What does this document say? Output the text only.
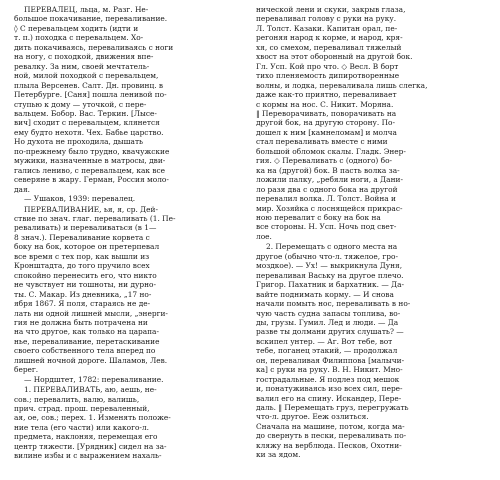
ПЕРЕВАЛЕЦ, льца, м. Разг. Не-
большое покачивание, переваливание.
◊ С перевальцем ходить (идти и
т. п.) походка с перевальцем. Хо-
дить покачиваясь, переваливаясь с ноги
на ногу, с походкой, движения впе-
ревалку. За ним, своей мечтатель-
ной, милой походкой с перевальцем,
плыла Версенев. Салт. Дн. провинц. в
Петербурге. [Саня] пошла ленивой по-
ступью к дому — уточкой, с пере-
вальцем. Бобор. Вас. Теркин. [Лысе-
вич] сходит с перевальцем, клянется
ему будто нехотя. Чех. Бабье царство.
Но духота не проходила, дышать
по-прежнему было трудно, квачужские
мужики, назначенные в матросы, дви-
гались лениво, с перевальцем, как все
северяне в жару. Герман, Россия моло-
дая.
— Ушаков, 1939: перевалец.
ПЕРЕВАЛИВАНИЕ, ья, я, ср. Дей-
ствие по знач. глаг. переваливать (1. Пе-
реваливать) и переваливаться (в 1—
8 знач.). Переваливание корвета с
боку на бок, которое он претерпевал
все время с тех пор, как вышли из
Кронштадта, до того пручило всех
спокойно перенесить его, что никто
не чувствует ни тошноты, ни дурно-
ты. С. Макар. Из дневника, „17 но-
ября 1867. Я поля, стараясь не де-
лать ни одной лишней мысли, „энерги-
гия не должна быть потрачена ни
на что другое, как только на царапа-
нье, переваливание, перетаскивание
своего собственного тела вперед по
лишней ночной дороге. Шаламов, Лев.
берег.
— Нордштет, 1782: переваливание.
1. ПЕРЕВАЛИВАТЬ, аю, аешь, не-
сов.; перевалить, валю, валишь,
прич. страд. прош. переваленный,
ая, ое, сов.; перех. 1. Изменять положе-
ние тела (его части) или какого-л.
предмета, наклоняя, перемещая его
центр тяжести. [Урядник] сидел на за-
вилине избы и с выражением нахаль-
нической лени и скуки, закрыв глаза,
переваливал голову с руки на руку.
Л. Толст. Казаки. Капитан орал, пе-
регоняя народ к корме, и народ, кря-
хя, со смехом, переваливал тяжелый
хвост на этот оборонный на другой бок.
Гл. Усп. Кой про что. ◇ Весл. В борт
тихо пленяемость дипиротворенные
волны, и лодка, переваливала лишь слегка,
даже как-то приятно, переваливает
с кормы на нос. С. Никит. Моряна.
‖ Переворачивать, поворачивать на
другой бок, на другую сторону. По-
дошел к ним [камнеломам] и молча
стал переваливать вместе с ними
большой обломок скалы. Гладк. Энер-
гия. ◇ Переваливать с (одного) бо-
ка на (другой) бок. В пасть волка за-
ложили палку, „ребяли ноги, а Дани-
ло разя два с одного бока на другой
перевалил волка. Л. Толст. Война и
мир. Хозяйка с лоснящейся прикрас-
ною перевалит с боку на бок на
все стороны. Н. Усп. Ночь под свет-
лое.
2. Перемещать с одного места на
другое (обычно что-л. тяжелое, гро-
моздкое). — Ух! — выкрикнула Дуня,
переваливая Ваську на другое плечо.
Григор. Пахатник и бархатник. — Да-
вайте поднимать корму. — И снова
начали помыть нос, переваливать в но-
чую часть судна запасы топлива, во-
ды, грузы. Гумил. Лед и люди. — Да
разве ты долмани других слушать? —
вскипел унтер. — Аг. Вот тебе, вот
тебе, поганец этакий, — продолжал
он, переваливая Филиппова [малычи-
ка] с руки на руку. В. Н. Никит. Мно-
гострадальные. Я подлез под мешок
и, понатуживаясь изо всех сил, пере-
валил его на спину. Искандер, Пере-
даль. ‖ Перемещать груз, перегружать
что-л. другое. Ееж озлиться.
Сначала на машине, потом, когда ма-
до свернуть в пески, переваливать по-
кляжу на верблюда. Песков, Охотни-
ки за ядом.
